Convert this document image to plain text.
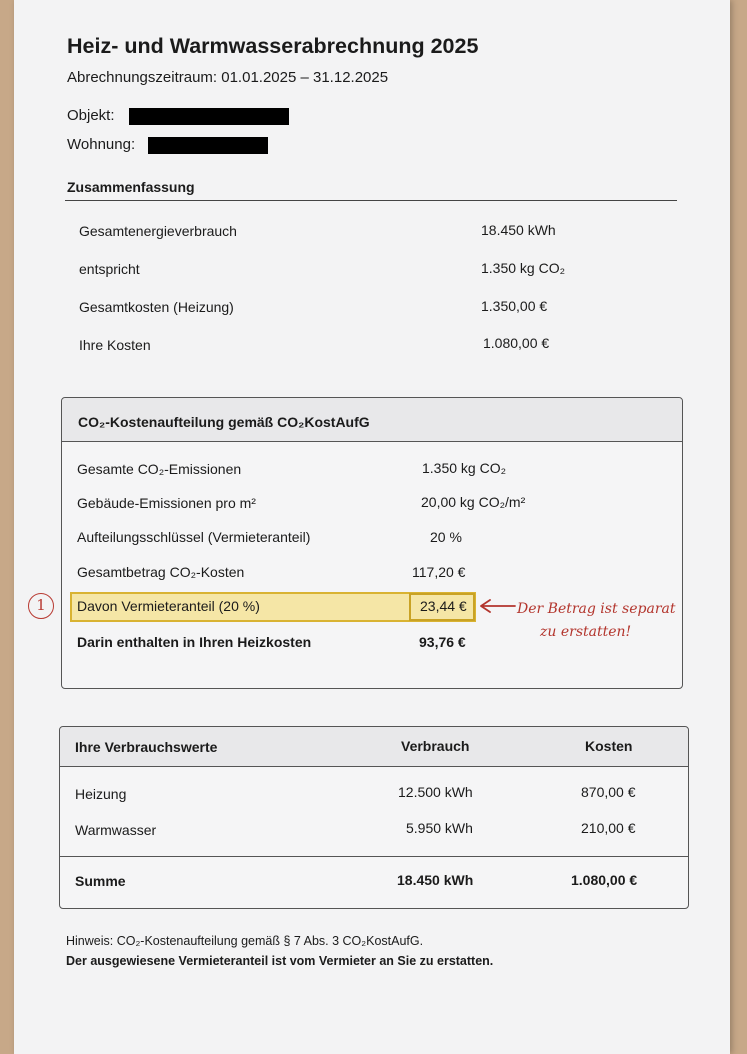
Heiz- und Warmwasserabrechnung 2025
Abrechnungszeitraum: 01.01.2025 – 31.12.2025
Objekt:
Wohnung:
Zusammenfassung
Gesamtenergieverbrauch	18.450 kWh
entspricht	1.350 kg CO₂
Gesamtkosten (Heizung)	1.350,00 €
Ihre Kosten	1.080,00 €
CO₂-Kostenaufteilung gemäß CO₂KostAufG
Gesamte CO₂-Emissionen	1.350 kg CO₂
Gebäude-Emissionen pro m²	20,00 kg CO₂/m²
Aufteilungsschlüssel (Vermieteranteil)	20 %
Gesamtbetrag CO₂-Kosten	117,20 €
Davon Vermieteranteil (20 %)	23,44 €
Darin enthalten in Ihren Heizkosten	93,76 €
1	Der Betrag ist separat
zu erstatten!
Ihre Verbrauchswerte	Verbrauch	Kosten
Heizung	12.500 kWh	870,00 €
Warmwasser	5.950 kWh	210,00 €
Summe	18.450 kWh	1.080,00 €
Hinweis: CO₂-Kostenaufteilung gemäß § 7 Abs. 3 CO₂KostAufG.
Der ausgewiesene Vermieteranteil ist vom Vermieter an Sie zu erstatten.
